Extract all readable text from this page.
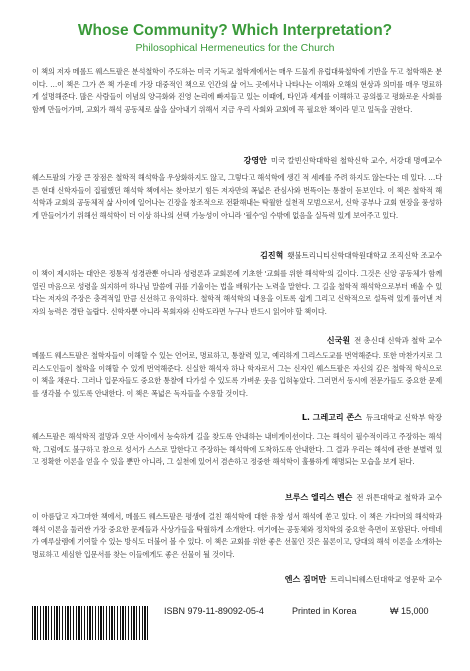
Whose Community? Which Interpretation?
Philosophical Hermeneutics for the Church

이 책의 저자 메롤드 웨스트팔은 분석철학이 주도하는 미국 기독교 철학계에서는 매우 드물게 유럽대륙철학에 기반을 두고 철학해온 분이다. …이 책은 그가 쓴 책 가운데 가장 대중적인 책으로 인간의 삶 어느 곳에서나 나타나는 이해와 오해의 현상과 의미를 매우 명료하게 설명해준다. 많은 사람들이 이념의 양극화와 진영 논리에 빠져들고 있는 이때에, 타인과 세계를 이해하고 공의롭고 평화로운 사회를 함께 만들어가며, 교회가 해석 공동체로 삶을 살아내기 위해서 지금 우리 사회와 교회에 꼭 필요한 책이라 믿고 일독을 권한다.

강영안 미국 칼빈신학대학원 철학신학 교수, 서강대 명예교수

웨스트팔의 가장 큰 장점은 철학적 해석학을 우상화하지도 않고, 그렇다고 해석학에 생긴 적 세례를 주려 하지도 않는다는 데 있다. …다른 현대 신학자들이 집필했던 해석학 책에서는 찾아보기 힘든 저자만의 폭넓은 관심사와 번뜩이는 통찰이 돋보인다. 이 책은 철학적 해석학과 교회의 공동체적 삶 사이에 일어나는 긴장을 창조적으로 전환해내는 탁월한 실천적 모범으로서, 신학 공부나 교회 현장을 풍성하게 만들어가기 위해선 해석학이 더 이상 하나의 선택 가능성이 아니라 '필수'임 수밖에 없음을 실득력 있게 보여주고 있다.

김진혁 횃불트리니티신학대학원대학교 조직신학 조교수

이 책이 제시하는 대안은 정통적 성경관뿐 아니라 성령론과 교회론에 기초한 '교회를 위한 해석학'의 길이다. 그것은 신앙 공동체가 함께 열린 마음으로 성령을 의지하여 하나님 말씀에 귀를 기울이는 법을 배워가는 노력을 말한다. 그 길을 철학적 해석학으로부터 배울 수 있다는 저자의 주장은 충격적일 만큼 신선하고 유익하다. 철학적 해석학의 내용을 이토록 쉽게 그리고 신학적으로 설득력 있게 풀어낸 저자의 능력은 경탄 놀랍다. 신학자뿐 아니라 목회자와 신학도라면 누구나 반드시 읽어야 할 책이다.

신국원 전 총신대 신학과 철학 교수

메롤드 웨스트팔은 철학자들이 이해할 수 있는 언어로, 명료하고, 통찰력 있고, 예리하게 그리스도교를 번역해준다. 또한 마찬가지로 그리스도인들이 철학을 이해할 수 있게 번역해준다. 신실한 해석자 하나 학자로서 그는 신자인 웨스트팔은 자신의 깊은 철학적 학식으로 이 책을 채운다. 그러나 입문자들도 중요한 통찰에 다가설 수 있도록 가벼운 웃음 입혀놓았다. 그러면서 동시에 전문가들도 중요한 문제를 생각볼 수 있도록 안내한다. 이 책은 폭넓은 독자들을 수용할 것이다.

L. 그레고리 존스 듀크대학교 신학부 학장

웨스트팔은 해석학적 절망과 오만 사이에서 능숙하게 길을 찾도록 안내하는 내비게이션이다. 그는 해석이 필수적이라고 주장하는 해석학, 그럼에도 불구하고 참으로 성서가 스스로 말한다고 주장하는 해석학에 도착하도록 안내한다. 그 결과 우리는 해석에 관한 분별력 있고 정확한 이론을 얻을 수 있을 뿐만 아니라, 그 실천에 있어서 겸손하고 정중한 해석학이 훌륭하게 해명되는 모습을 보게 된다.

브루스 엘리스 벤슨 전 위튼대학교 철학과 교수

이 아름답고 자그마한 책에서, 메롤드 웨스트팔은 평생에 걸친 해석학에 대한 유창 성서 해석에 쏟고 있다. 이 책은 가다머의 해석학과 해석 이론을 둘러싼 가장 중요한 문제들과 사상가들을 탁월하게 소개한다. 여기에는 공동체와 정치학의 중요한 측면이 포함된다. 아테네가 예루살렘에 기여할 수 있는 방식도 더불어 볼 수 있다. 이 책은 교회를 위한 좋은 선물인 것은 물론이고, 당대의 해석 이론을 소개하는 명료하고 세심한 입문서를 찾는 이들에게도 좋은 선물이 될 것이다.

엔스 짐머만 트리니티웨스턴대학교 영문학 교수
ISBN 979-11-89092-05-4	Printed in Korea	₩ 15,000
